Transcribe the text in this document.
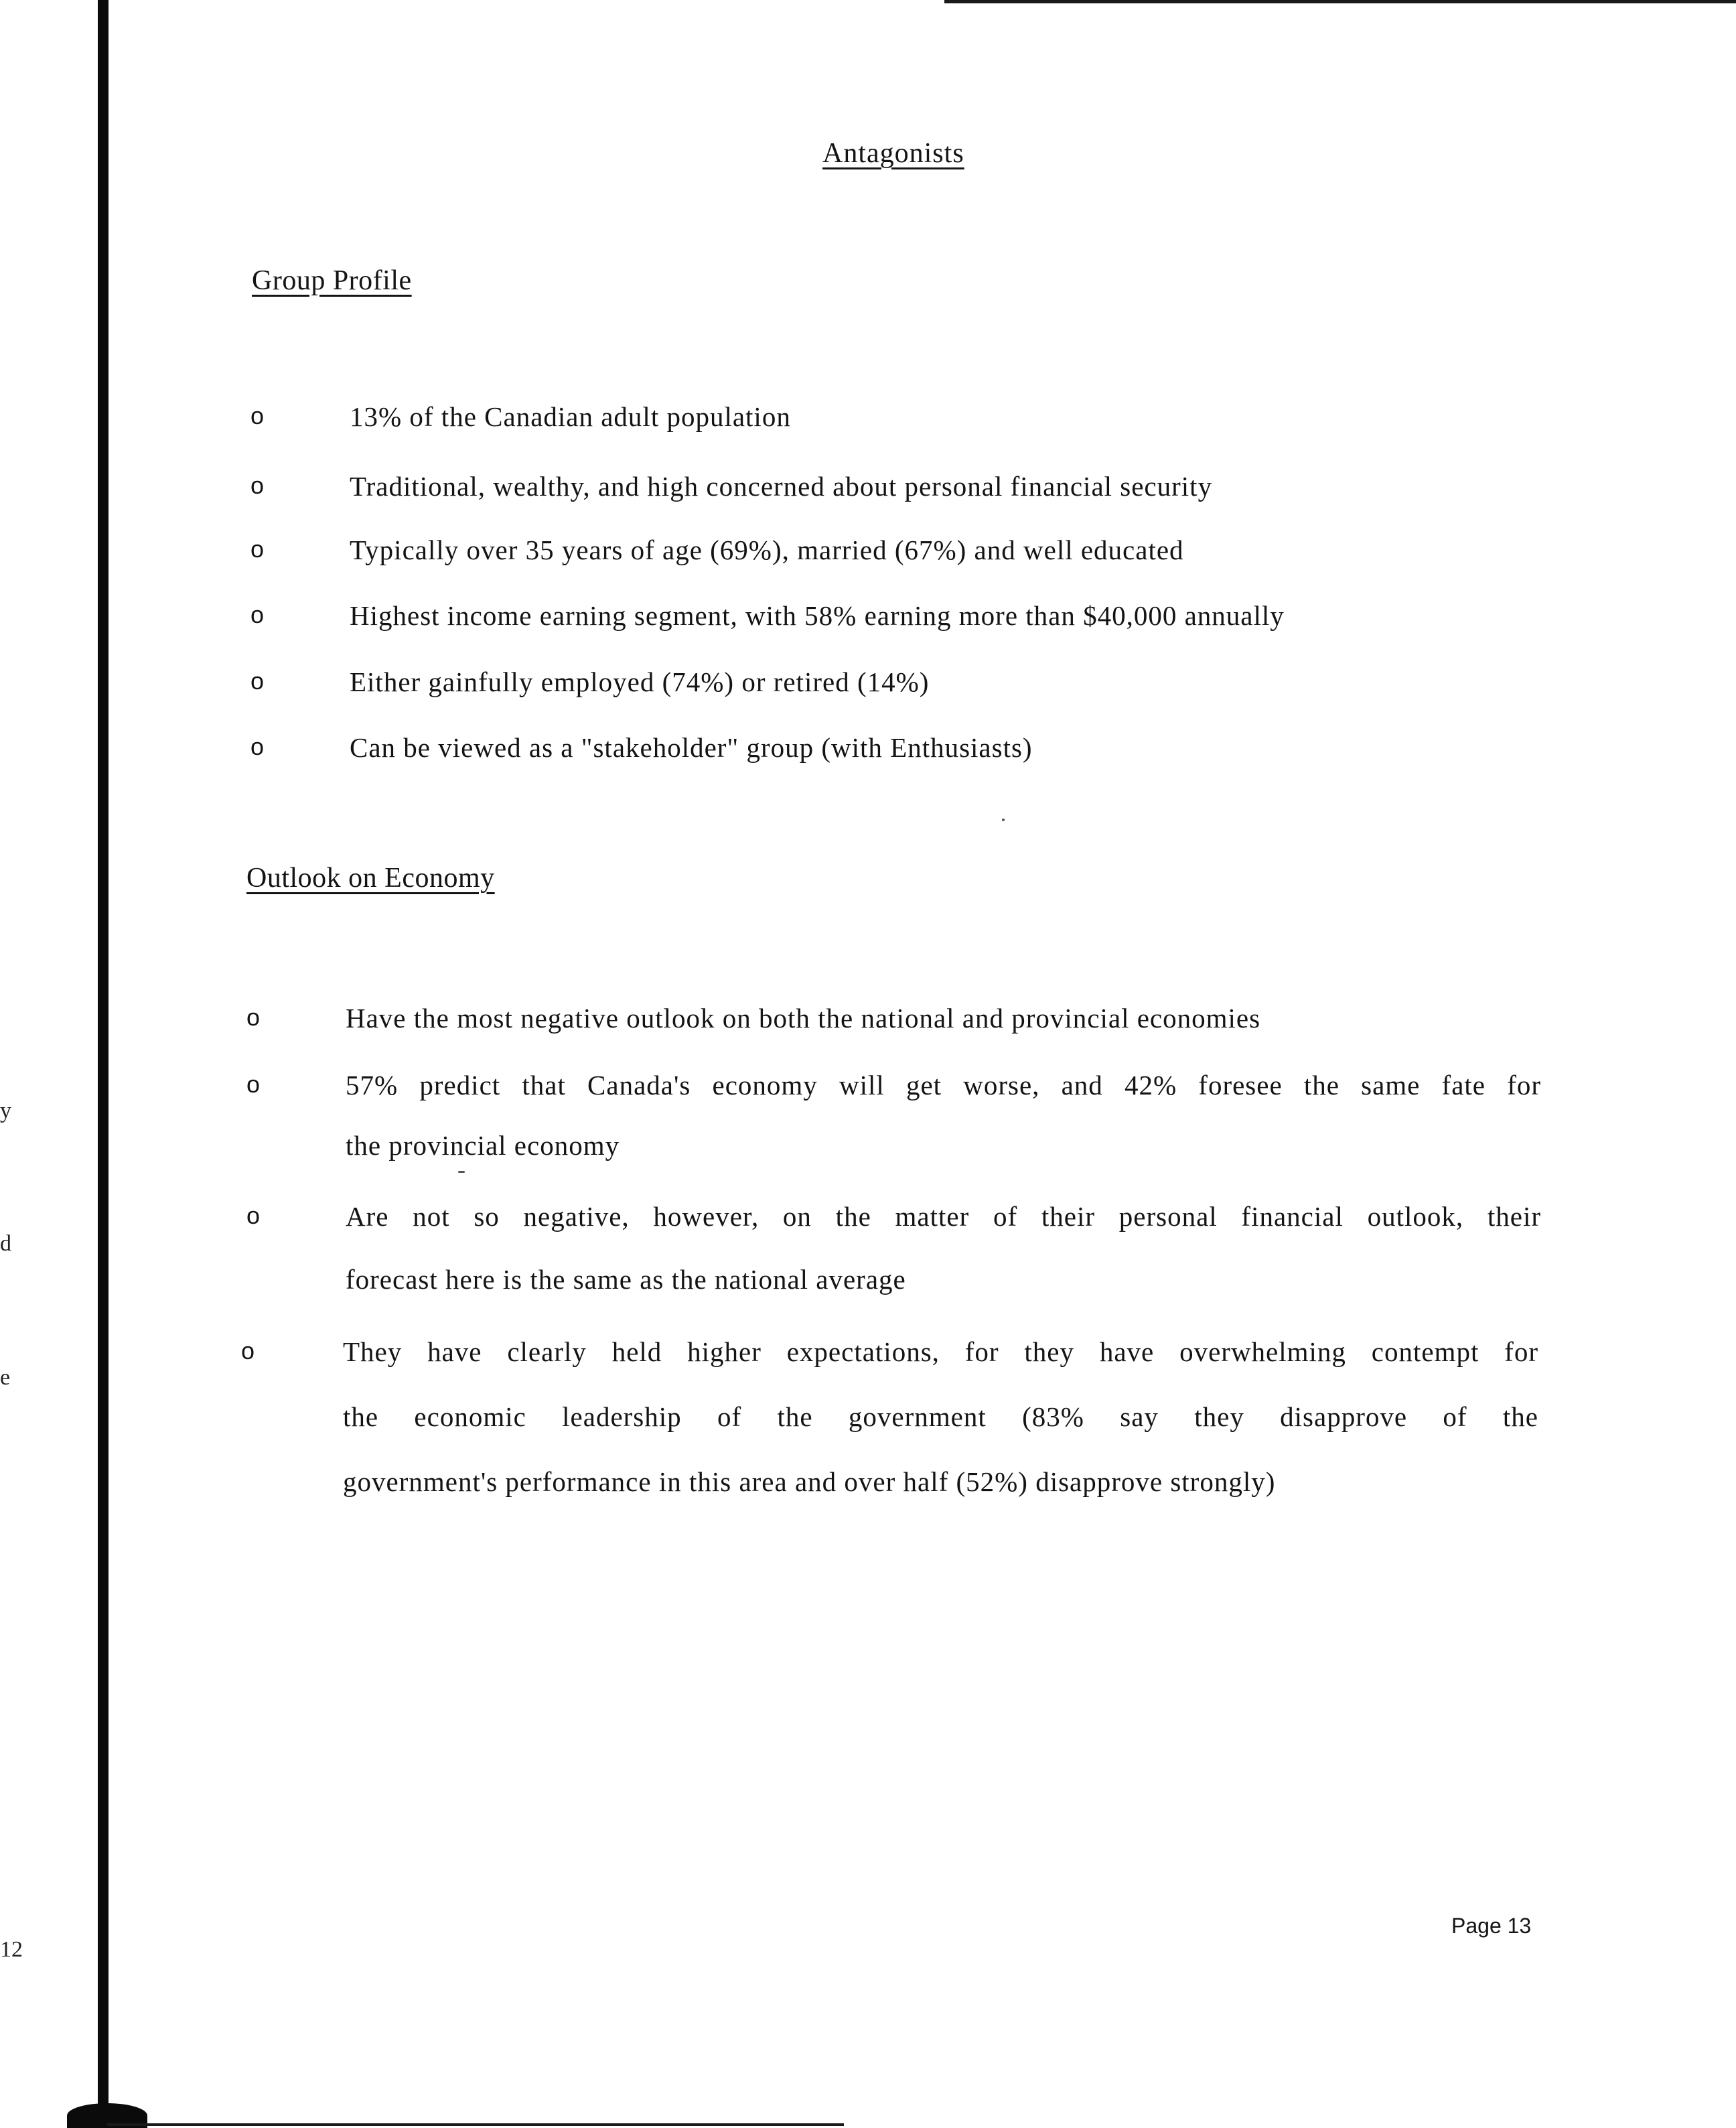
y
d
e
12
Antagonists
Group Profile
o	13% of the Canadian adult population
o	Traditional, wealthy, and high concerned about personal financial security
o	Typically over 35 years of age (69%), married (67%) and well educated
o	Highest income earning segment, with 58% earning more than $40,000 annually
o	Either gainfully employed (74%) or retired (14%)
o	Can be viewed as a "stakeholder" group (with Enthusiasts)
Outlook on Economy
o	Have the most negative outlook on both the national and provincial economies
o	57% predict that Canada's economy will get worse, and 42% foresee the same fate for
the provincial economy
o	Are not so negative, however, on the matter of their personal financial outlook, their
forecast here is the same as the national average
o	They have clearly held higher expectations, for they have overwhelming contempt for
the economic leadership of the government (83% say they disapprove of the
government's performance in this area and over half (52%) disapprove strongly)
Page 13
